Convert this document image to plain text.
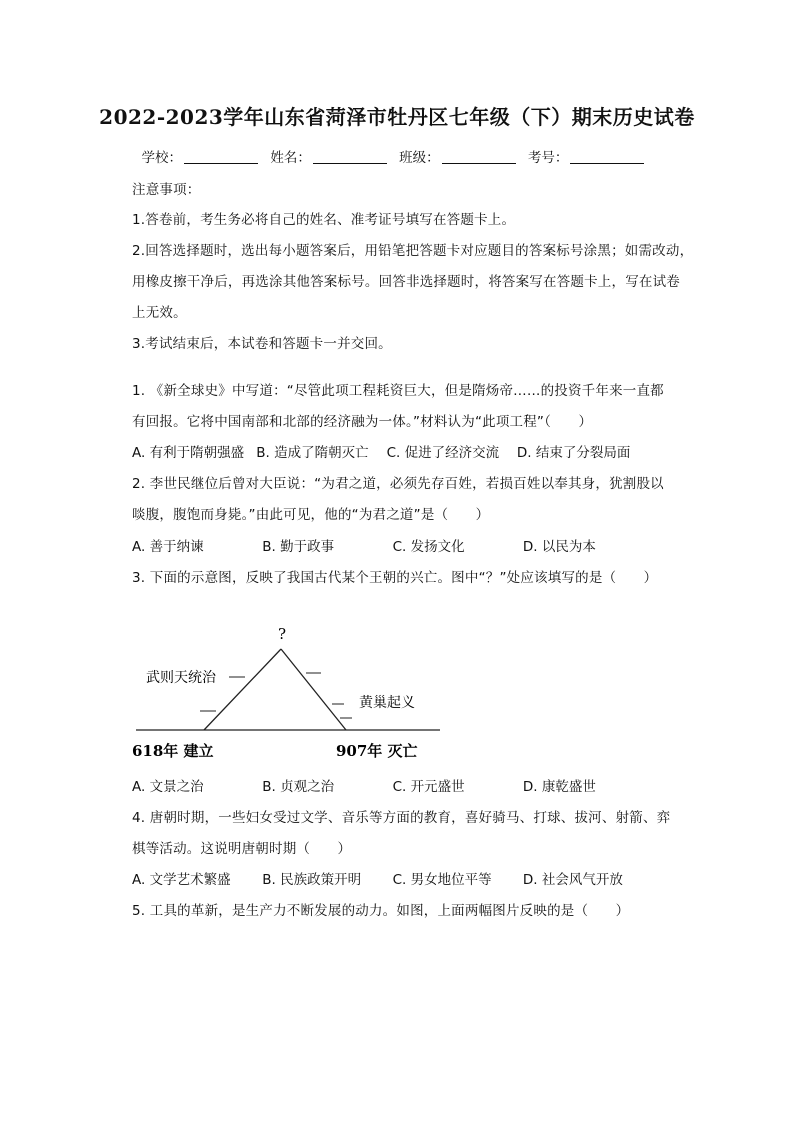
2022-2023学年山东省菏泽市牡丹区七年级（下）期末历史试卷
学校：	姓名：	班级：	考号：
注意事项：
1.答卷前，考生务必将自己的姓名、准考证号填写在答题卡上。
2.回答选择题时，选出每小题答案后，用铅笔把答题卡对应题目的答案标号涂黑；如需改动，
用橡皮擦干净后，再选涂其他答案标号。回答非选择题时，将答案写在答题卡上，写在试卷
上无效。
3.考试结束后，本试卷和答题卡一并交回。
1. 《新全球史》中写道：“尽管此项工程耗资巨大，但是隋炀帝……的投资千年来一直都
有回报。它将中国南部和北部的经济融为一体。”材料认为“此项工程”（　　）
A. 有利于隋朝强盛 B. 造成了隋朝灭亡 C. 促进了经济交流 D. 结束了分裂局面
2. 李世民继位后曾对大臣说：“为君之道，必须先存百姓，若损百姓以奉其身，犹割股以
啖腹，腹饱而身毙。”由此可见，他的“为君之道”是（　　）
A. 善于纳谏	B. 勤于政事	C. 发扬文化	D. 以民为本
3. 下面的示意图，反映了我国古代某个王朝的兴亡。图中“？”处应该填写的是（　　）
?
武则天统治
黄巢起义
618年 建立	907年 灭亡
A. 文景之治	B. 贞观之治	C. 开元盛世	D. 康乾盛世
4. 唐朝时期，一些妇女受过文学、音乐等方面的教育，喜好骑马、打球、拔河、射箭、弈
棋等活动。这说明唐朝时期（　　）
A. 文学艺术繁盛 B. 民族政策开明 C. 男女地位平等 D. 社会风气开放
5. 工具的革新，是生产力不断发展的动力。如图，上面两幅图片反映的是（　　）
